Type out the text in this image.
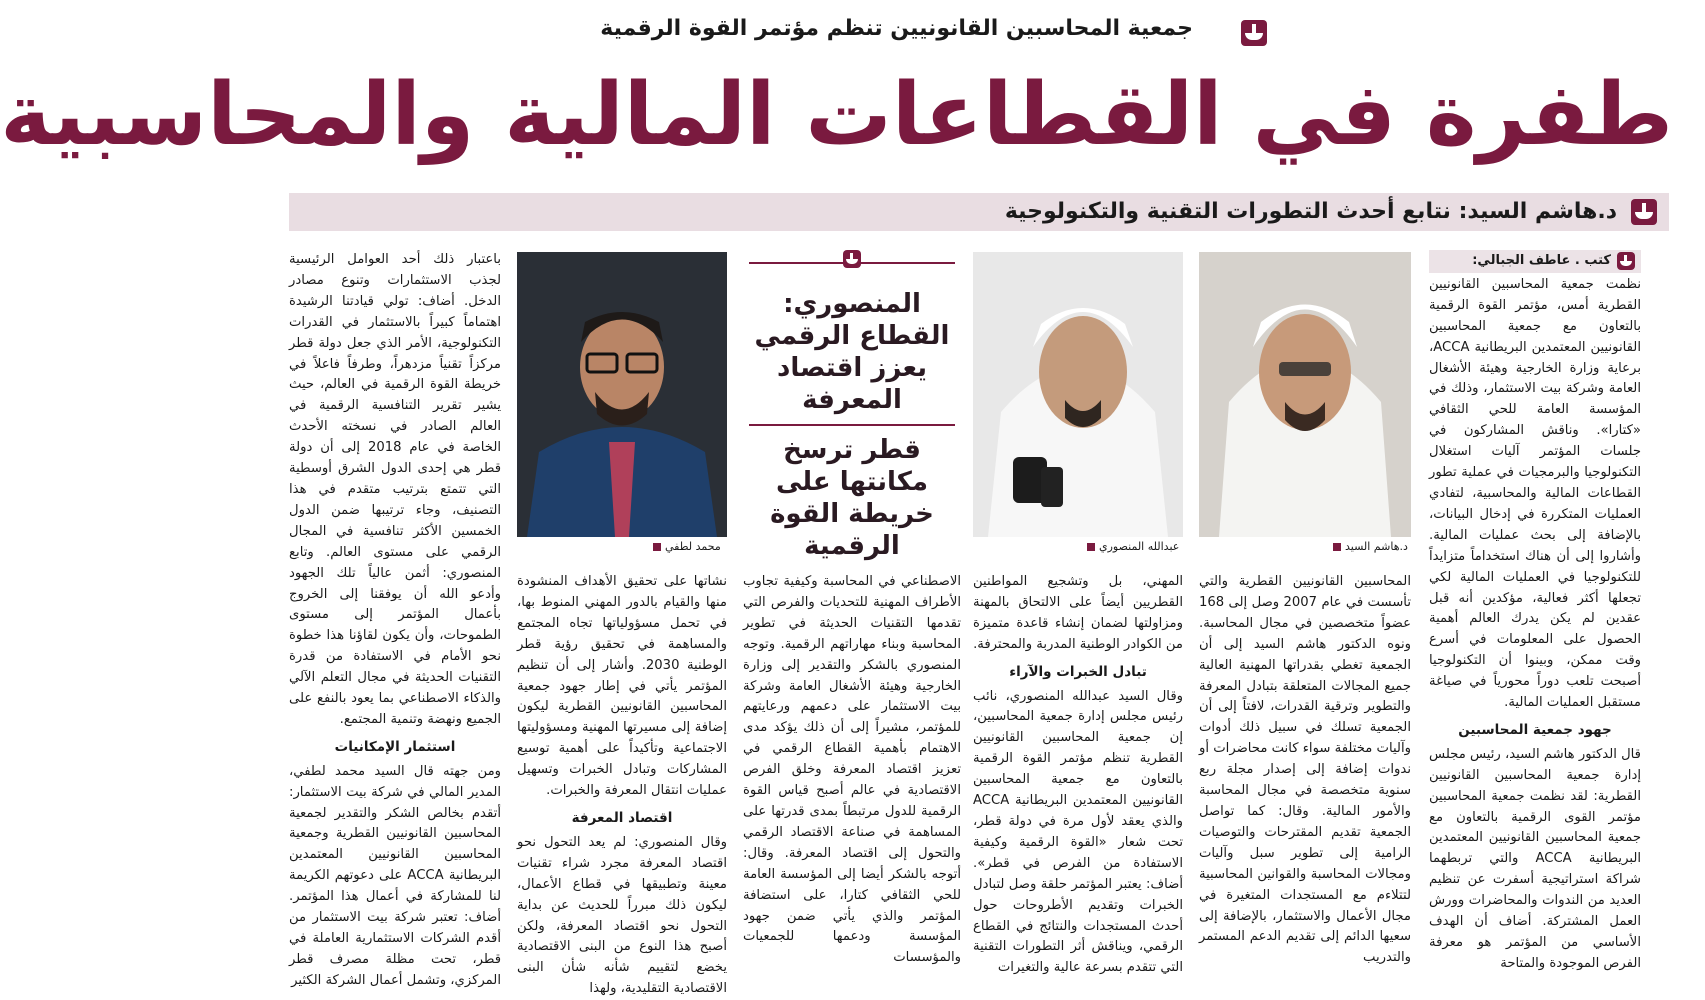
جمعية المحاسبين القانونيين تنظم مؤتمر القوة الرقمية
طفرة في القطاعات المالية والمحاسبية
د.هاشم السيد: نتابع أحدث التطورات التقنية والتكنولوجية
كتب . عاطف الجبالي:

نظمت جمعية المحاسبين القانونيين القطرية أمس، مؤتمر القوة الرقمية بالتعاون مع جمعية المحاسبين القانونيين المعتمدين البريطانية ACCA، برعاية وزارة الخارجية وهيئة الأشغال العامة وشركة بيت الاستثمار، وذلك في المؤسسة العامة للحي الثقافي «كتارا». وناقش المشاركون في جلسات المؤتمر آليات استغلال التكنولوجيا والبرمجيات في عملية تطور القطاعات المالية والمحاسبية، لتفادي العمليات المتكررة في إدخال البيانات، بالإضافة إلى بحث عمليات المالية. وأشاروا إلى أن هناك استخداماً متزايداً للتكنولوجيا في العمليات المالية لكي تجعلها أكثر فعالية، مؤكدين أنه قبل عقدين لم يكن يدرك العالم أهمية الحصول على المعلومات في أسرع وقت ممكن، وبينوا أن التكنولوجيا أصبحت تلعب دوراً محورياً في صياغة مستقبل العمليات المالية.

جهود جمعية المحاسبين

قال الدكتور هاشم السيد، رئيس مجلس إدارة جمعية المحاسبين القانونيين القطرية: لقد نظمت جمعية المحاسبين مؤتمر القوى الرقمية بالتعاون مع جمعية المحاسبين القانونيين المعتمدين البريطانية ACCA والتي تربطهما شراكة استراتيجية أسفرت عن تنظيم العديد من الندوات والمحاضرات وورش العمل المشتركة. أضاف أن الهدف الأساسي من المؤتمر هو معرفة الفرص الموجودة والمتاحة

د.هاشم السيد

المحاسبين القانونيين القطرية والتي تأسست في عام 2007 وصل إلى 168 عضواً متخصصين في مجال المحاسبة. ونوه الدكتور هاشم السيد إلى أن الجمعية تغطي بقدراتها المهنية العالية جميع المجالات المتعلقة بتبادل المعرفة والتطوير وترقية القدرات، لافتاً إلى أن الجمعية تسلك في سبيل ذلك أدوات وآليات مختلفة سواء كانت محاضرات أو ندوات إضافة إلى إصدار مجلة ربع سنوية متخصصة في مجال المحاسبة والأمور المالية. وقال: كما تواصل الجمعية تقديم المقترحات والتوصيات الرامية إلى تطوير سبل وآليات ومجالات المحاسبة والقوانين المحاسبية لتتلاءم مع المستجدات المتغيرة في مجال الأعمال والاستثمار، بالإضافة إلى سعيها الدائم إلى تقديم الدعم المستمر والتدريب

عبدالله المنصوري

المهني، بل وتشجيع المواطنين القطريين أيضاً على الالتحاق بالمهنة ومزاولتها لضمان إنشاء قاعدة متميزة من الكوادر الوطنية المدربة والمحترفة.

تبادل الخبرات والآراء

وقال السيد عبدالله المنصوري، نائب رئيس مجلس إدارة جمعية المحاسبين، إن جمعية المحاسبين القانونيين القطرية تنظم مؤتمر القوة الرقمية بالتعاون مع جمعية المحاسبين القانونيين المعتمدين البريطانية ACCA والذي يعقد لأول مرة في دولة قطر، تحت شعار «القوة الرقمية وكيفية الاستفادة من الفرص في قطر». أضاف: يعتبر المؤتمر حلقة وصل لتبادل الخبرات وتقديم الأطروحات حول أحدث المستجدات والنتائج في القطاع الرقمي، ويناقش أثر التطورات التقنية التي تتقدم بسرعة عالية والتغيرات

المنصوري:

القطاع الرقمي

يعزز اقتصاد

المعرفة

قطر ترسخ

مكانتها على

خريطة القوة

الرقمية

الاصطناعي في المحاسبة وكيفية تجاوب الأطراف المهنية للتحديات والفرص التي تقدمها التقنيات الحديثة في تطوير المحاسبة وبناء مهاراتهم الرقمية. وتوجه المنصوري بالشكر والتقدير إلى وزارة الخارجية وهيئة الأشغال العامة وشركة بيت الاستثمار على دعمهم ورعايتهم للمؤتمر، مشيراً إلى أن ذلك يؤكد مدى الاهتمام بأهمية القطاع الرقمي في تعزيز اقتصاد المعرفة وخلق الفرص الاقتصادية في عالم أصبح قياس القوة الرقمية للدول مرتبطاً بمدى قدرتها على المساهمة في صناعة الاقتصاد الرقمي والتحول إلى اقتصاد المعرفة. وقال: أتوجه بالشكر أيضا إلى المؤسسة العامة للحي الثقافي كتارا، على استضافة المؤتمر والذي يأتي ضمن جهود المؤسسة ودعمها للجمعيات والمؤسسات

محمد لطفي

نشاتها على تحقيق الأهداف المنشودة منها والقيام بالدور المهني المنوط بها، في تحمل مسؤولياتها تجاه المجتمع والمساهمة في تحقيق رؤية قطر الوطنية 2030. وأشار إلى أن تنظيم المؤتمر يأتي في إطار جهود جمعية المحاسبين القانونيين القطرية ليكون إضافة إلى مسيرتها المهنية ومسؤوليتها الاجتماعية وتأكيداً على أهمية توسيع المشاركات وتبادل الخبرات وتسهيل عمليات انتقال المعرفة والخبرات.

اقتصاد المعرفة

وقال المنصوري: لم يعد التحول نحو اقتصاد المعرفة مجرد شراء تقنيات معينة وتطبيقها في قطاع الأعمال، ليكون ذلك مبرراً للحديث عن بداية التحول نحو اقتصاد المعرفة، ولكن أصبح هذا النوع من البنى الاقتصادية يخضع لتقييم شأنه شأن البنى الاقتصادية التقليدية، ولهذا

باعتبار ذلك أحد العوامل الرئيسية لجذب الاستثمارات وتنوع مصادر الدخل. أضاف: تولي قيادتنا الرشيدة اهتماماً كبيراً بالاستثمار في القدرات التكنولوجية، الأمر الذي جعل دولة قطر مركزاً تقنياً مزدهراً، وطرفاً فاعلاً في خريطة القوة الرقمية في العالم، حيث يشير تقرير التنافسية الرقمية في العالم الصادر في نسخته الأحدث الخاصة في عام 2018 إلى أن دولة قطر هي إحدى الدول الشرق أوسطية التي تتمتع بترتيب متقدم في هذا التصنيف، وجاء ترتيبها ضمن الدول الخمسين الأكثر تنافسية في المجال الرقمي على مستوى العالم. وتابع المنصوري: أثمن عالياً تلك الجهود وأدعو الله أن يوفقنا إلى الخروج بأعمال المؤتمر إلى مستوى الطموحات، وأن يكون لقاؤنا هذا خطوة نحو الأمام في الاستفادة من قدرة التقنيات الحديثة في مجال التعلم الآلي والذكاء الاصطناعي بما يعود بالنفع على الجميع ونهضة وتنمية المجتمع.

استثمار الإمكانيات

ومن جهته قال السيد محمد لطفي، المدير المالي في شركة بيت الاستثمار: أتقدم بخالص الشكر والتقدير لجمعية المحاسبين القانونيين القطرية وجمعية المحاسبين القانونيين المعتمدين البريطانية ACCA على دعوتهم الكريمة لنا للمشاركة في أعمال هذا المؤتمر. أضاف: تعتبر شركة بيت الاستثمار من أقدم الشركات الاستثمارية العاملة في قطر، تحت مظلة مصرف قطر المركزي، وتشمل أعمال الشركة الكثير
